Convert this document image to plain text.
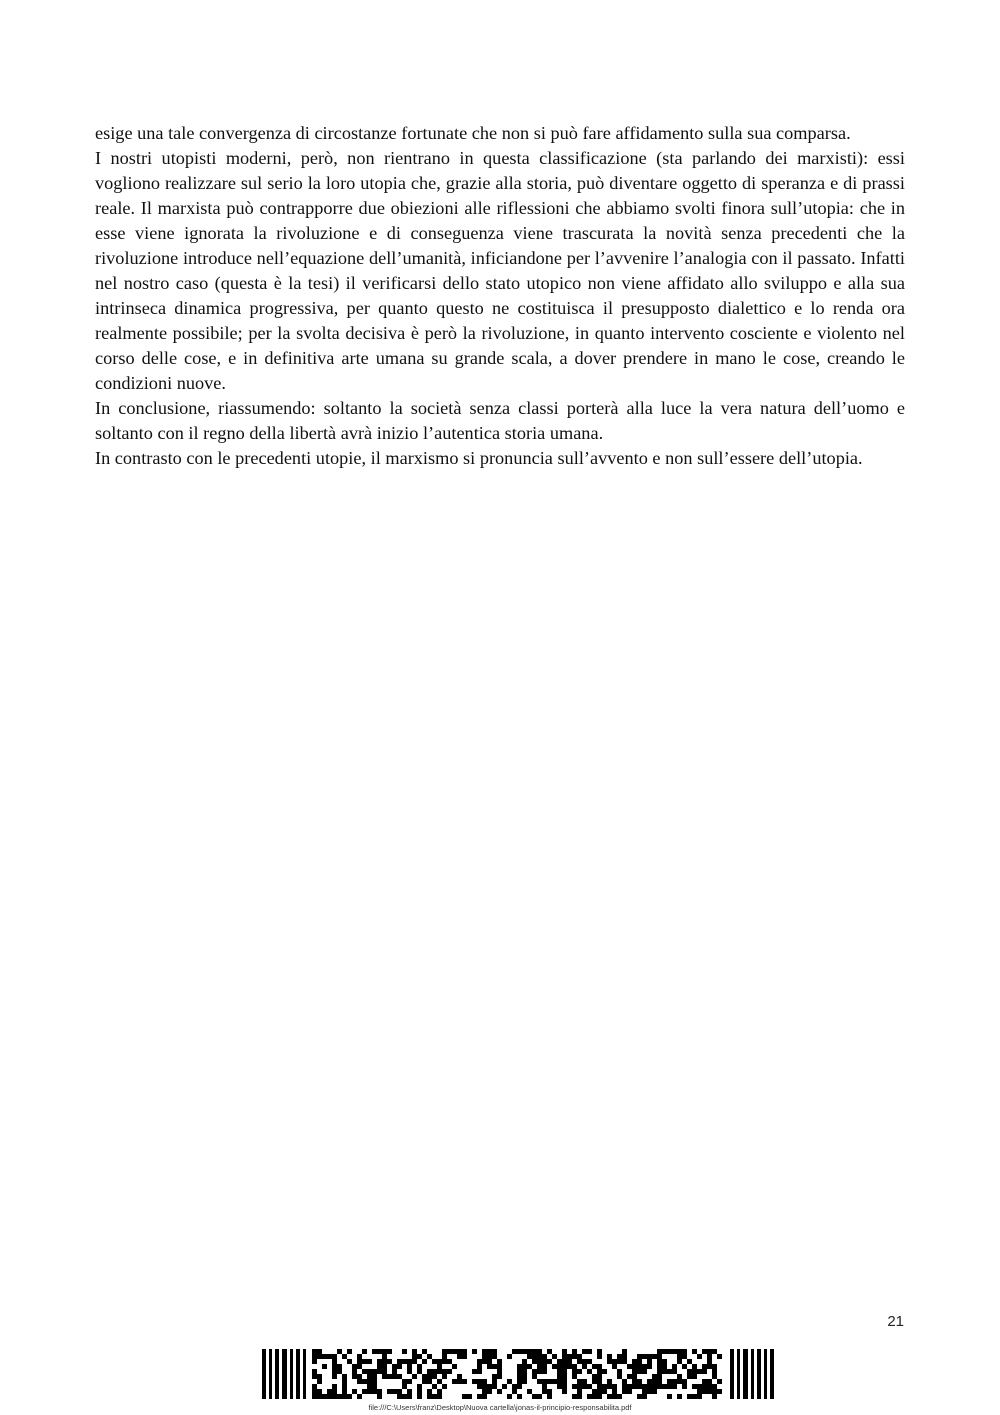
esige una tale convergenza di circostanze fortunate che non si può fare affidamento sulla sua comparsa.

I nostri utopisti moderni, però, non rientrano in questa classificazione (sta parlando dei marxisti): essi vogliono realizzare sul serio la loro utopia che, grazie alla storia, può diventare oggetto di speranza e di prassi reale. Il marxista può contrapporre due obiezioni alle riflessioni che abbiamo svolti finora sull’utopia: che in esse viene ignorata la rivoluzione e di conseguenza viene trascurata la novità senza precedenti che la rivoluzione introduce nell’equazione dell’umanità, inficiandone per l’avvenire l’analogia con il passato. Infatti nel nostro caso (questa è la tesi) il verificarsi dello stato utopico non viene affidato allo sviluppo e alla sua intrinseca dinamica progressiva, per quanto questo ne costituisca il presupposto dialettico e lo renda ora realmente possibile; per la svolta decisiva è però la rivoluzione, in quanto intervento cosciente e violento nel corso delle cose, e in definitiva arte umana su grande scala, a dover prendere in mano le cose, creando le condizioni nuove.

In conclusione, riassumendo: soltanto la società senza classi porterà alla luce la vera natura dell’uomo e soltanto con il regno della libertà avrà inizio l’autentica storia umana.

In contrasto con le precedenti utopie, il marxismo si pronuncia sull’avvento e non sull’essere dell’utopia.

21
file:///C:\Users\franz\Desktop\Nuova cartella\jonas-il-principio-responsabilita.pdf
